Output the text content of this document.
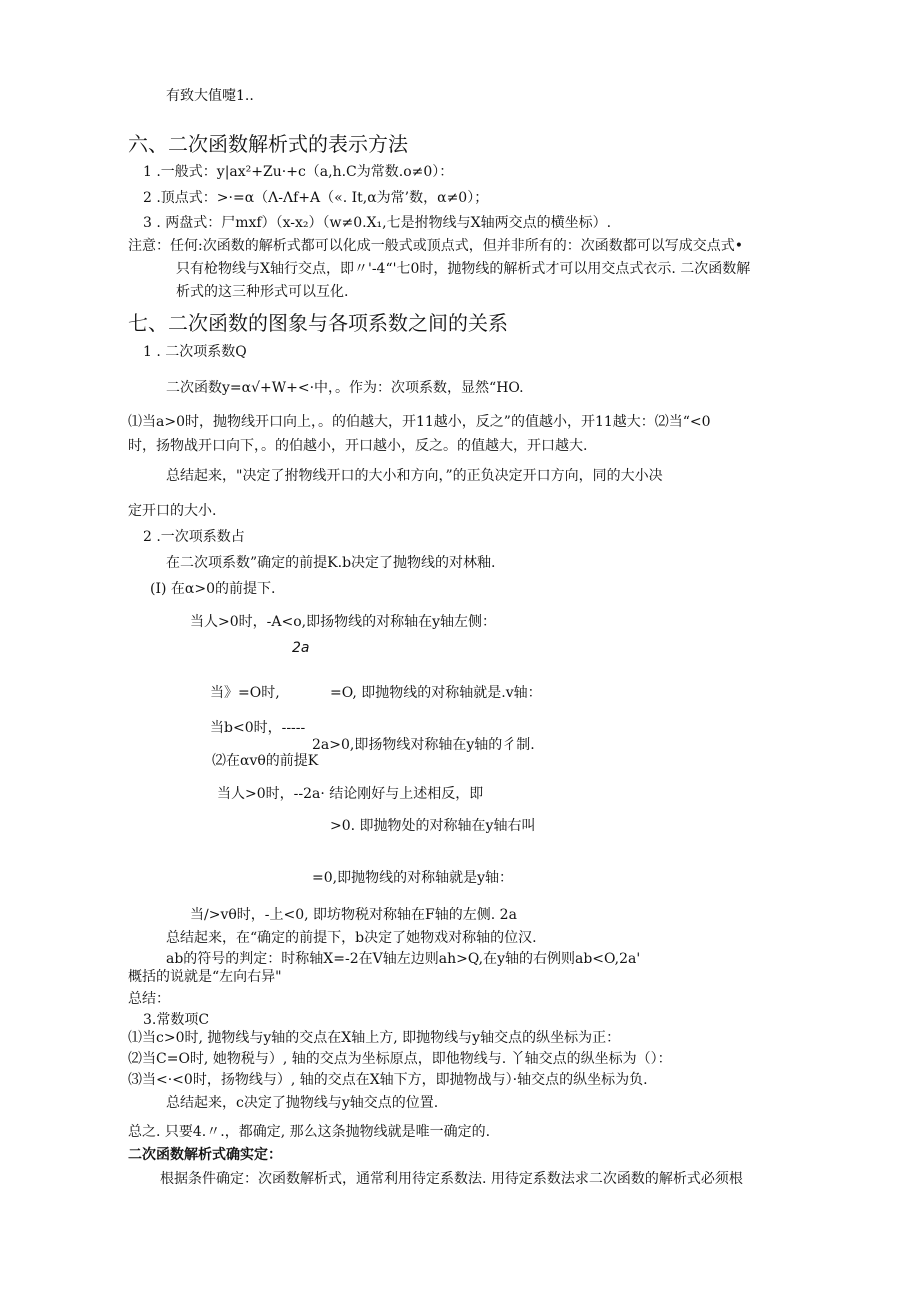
有致大值嚏1..
六、二次函数解析式的表示方法
1 .一般式：y|ax²+Zu·+c（a,h.C为常数.o≠0）：
2 .顶点式：>·=α（Λ-Λf+A（«. It,α为常’数，α≠0）；
3 . 两盘式：尸mxf）（x-x₂）（w≠0.X₁,七是拊物线与X轴两交点的横坐标）.
注意：任何:次函数的解析式都可以化成一般式或顶点式，但并非所有的：次函数都可以写成交点式•
只有枪物线与X轴行交点，即〃'-4“'七0时，抛物线的解析式才可以用交点式衣示. 二次函数解
析式的这三种形式可以互化.
七、二次函数的图象与各项系数之间的关系
1 . 二次项系数Q
二次函数y=α√+W+<·中，。作为：次项系数，显然“HO.
⑴当a>0时，抛物线开口向上，。的伯越大，开11越小，反之”的值越小，开11越大：⑵当“<0
时，扬物战开口向下，。的伯越小，开口越小，反之。的值越大，开口越大.
总结起来，"决定了拊物线开口的大小和方向，”的正负决定开口方向，同的大小决
定开口的大小.
2 .一次项系数占
在二次项系数”确定的前提K.b决定了抛物线的对林釉.
(I) 在α>0的前提下.
当人>0时，-A<o,即扬物线的对称轴在y轴左侧：
2a
当》=O时,	=O, 即抛物线的对称轴就是.v轴：
当b<0时，-----
2a>0,即扬物线对称轴在y轴的彳制.
⑵在αvθ的前提K
当人>0时，--2a· 结论刚好与上述相反，即
>0. 即抛物处的对称轴在y轴右叫
=0,即抛物线的对称轴就是y轴：
当∕>vθ时，-上<0, 即坊物税对称轴在F轴的左侧. 2a
总结起来，在“确定的前提下，b决定了她物戏对称轴的位汉.
ab的符号的判定：时称轴X=-2在V轴左边则ah>Q,在y轴的右例则ab<O,2a'
概括的说就是“左向右异"
总结：
3.常数项C
⑴当c>0时, 抛物线与y轴的交点在X轴上方, 即抛物线与y轴交点的纵坐标为正：
⑵当C=O时, 她物税与）, 轴的交点为坐标原点，即他物线与. 丫轴交点的纵坐标为（）：
⑶当<·<0时，扬物线与）, 轴的交点在X轴下方，即抛物战与）·轴交点的纵坐标为负.
总结起来，c决定了抛物线与y轴交点的位置.
总之. 只要4.〃.，都确定, 那么这条抛物线就是唯一确定的.
二次函数解析式确实定：
根据条件确定：次函数解析式，通常利用待定系数法. 用待定系数法求二次函数的解析式必须根
